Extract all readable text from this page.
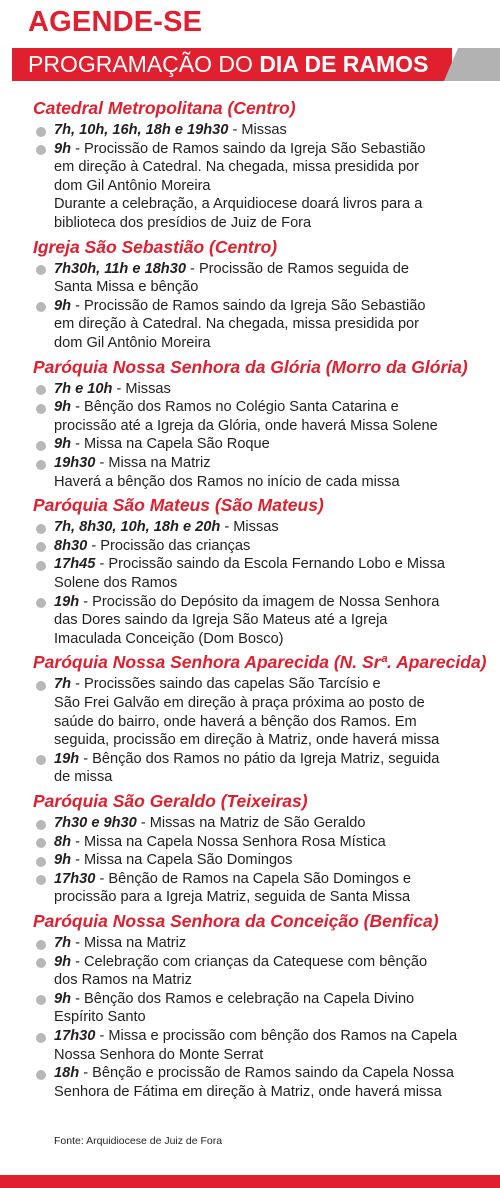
AGENDE-SE
PROGRAMAÇÃO DO DIA DE RAMOS
Catedral Metropolitana (Centro)
7h, 10h, 16h, 18h e 19h30 - Missas
9h - Procissão de Ramos saindo da Igreja São Sebastião
em direção à Catedral. Na chegada, missa presidida por
dom Gil Antônio Moreira
Durante a celebração, a Arquidiocese doará livros para a
biblioteca dos presídios de Juiz de Fora
Igreja São Sebastião (Centro)
7h30h, 11h e 18h30 - Procissão de Ramos seguida de
Santa Missa e bênção
9h - Procissão de Ramos saindo da Igreja São Sebastião
em direção à Catedral. Na chegada, missa presidida por
dom Gil Antônio Moreira
Paróquia Nossa Senhora da Glória (Morro da Glória)
7h e 10h - Missas
9h - Bênção dos Ramos no Colégio Santa Catarina e
procissão até a Igreja da Glória, onde haverá Missa Solene
9h - Missa na Capela São Roque
19h30 - Missa na Matriz
Haverá a bênção dos Ramos no início de cada missa
Paróquia São Mateus (São Mateus)
7h, 8h30, 10h, 18h e 20h - Missas
8h30 - Procissão das crianças
17h45 - Procissão saindo da Escola Fernando Lobo e Missa
Solene dos Ramos
19h - Procissão do Depósito da imagem de Nossa Senhora
das Dores saindo da Igreja São Mateus até a Igreja
Imaculada Conceição (Dom Bosco)
Paróquia Nossa Senhora Aparecida (N. Srª. Aparecida)
7h - Procissões saindo das capelas São Tarcísio e
São Frei Galvão em direção à praça próxima ao posto de
saúde do bairro, onde haverá a bênção dos Ramos. Em
seguida, procissão em direção à Matriz, onde haverá missa
19h - Bênção dos Ramos no pátio da Igreja Matriz, seguida
de missa
Paróquia São Geraldo (Teixeiras)
7h30 e 9h30 - Missas na Matriz de São Geraldo
8h - Missa na Capela Nossa Senhora Rosa Mística
9h - Missa na Capela São Domingos
17h30 - Bênção de Ramos na Capela São Domingos e
procissão para a Igreja Matriz, seguida de Santa Missa
Paróquia Nossa Senhora da Conceição (Benfica)
7h - Missa na Matriz
9h - Celebração com crianças da Catequese com bênção
dos Ramos na Matriz
9h - Bênção dos Ramos e celebração na Capela Divino
Espírito Santo
17h30 - Missa e procissão com bênção dos Ramos na Capela
Nossa Senhora do Monte Serrat
18h - Bênção e procissão de Ramos saindo da Capela Nossa
Senhora de Fátima em direção à Matriz, onde haverá missa
Fonte: Arquidiocese de Juiz de Fora
